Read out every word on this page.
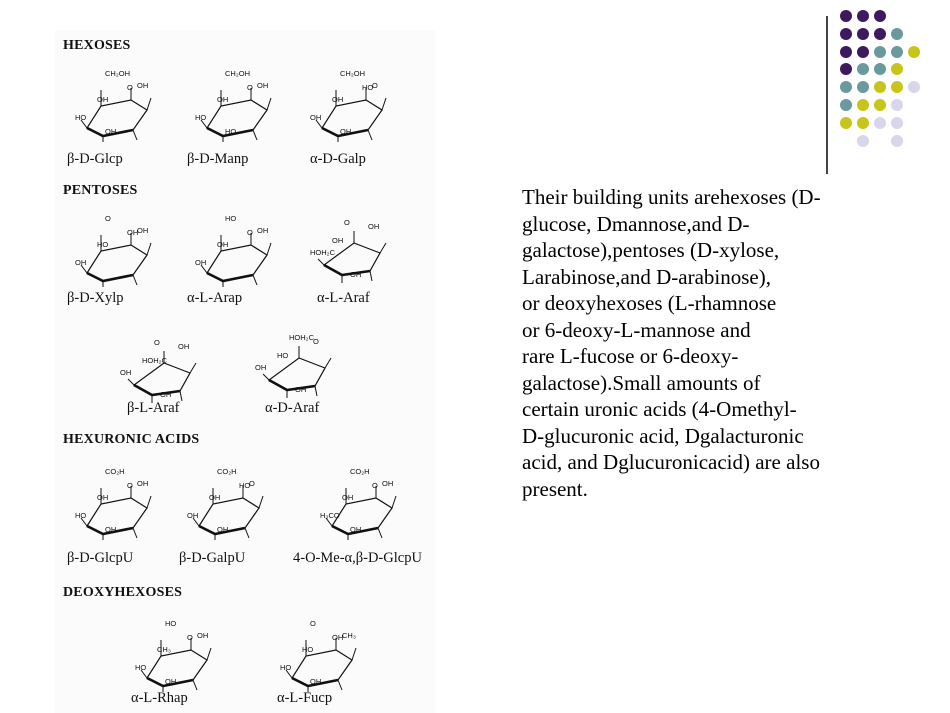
HEXOSES
PENTOSES
HEXURONIC ACIDS
DEOXYHEXOSES
CH₂OH
O OH
OH
HO
OH
β-D-Glcp
CH₂OH
O OH
OH
HO
HO
β-D-Manp
CH₂OH
HO
O
OH
OH
OH
α-D-Galp
O
OH
OH
HO
OH
β-D-Xylp
HO
O OH
OH
OH
α-L-Arap
O OH
OH
HOH₂C
OH
α-L-Araf
O OH
HOH₂C
OH
OH
β-L-Araf
HOH₂C O
HO
OH
OH
α-D-Araf
CO₂H
O OH
OH
HO
OH
β-D-GlcpU
CO₂H
HO
O
OH
OH
OH
β-D-GalpU
CO₂H
O OH
OH
H₃CO
OH
4-O-Me-α,β-D-GlcpU
HO
O OH
CH₃
HO
OH
α-L-Rhap
O
OH
CH₃
HO
HO
OH
α-L-Fucp
Their building units arehexoses (D-
glucose, Dmannose,and D-
galactose),pentoses (D-xylose,
Larabinose,and D-arabinose),
or deoxyhexoses (L-rhamnose
or 6-deoxy-L-mannose and
rare L-fucose or 6-deoxy-
galactose).Small amounts of
certain uronic acids (4-Omethyl-
D-glucuronic acid, Dgalacturonic
acid, and Dglucuronicacid) are also
present.
